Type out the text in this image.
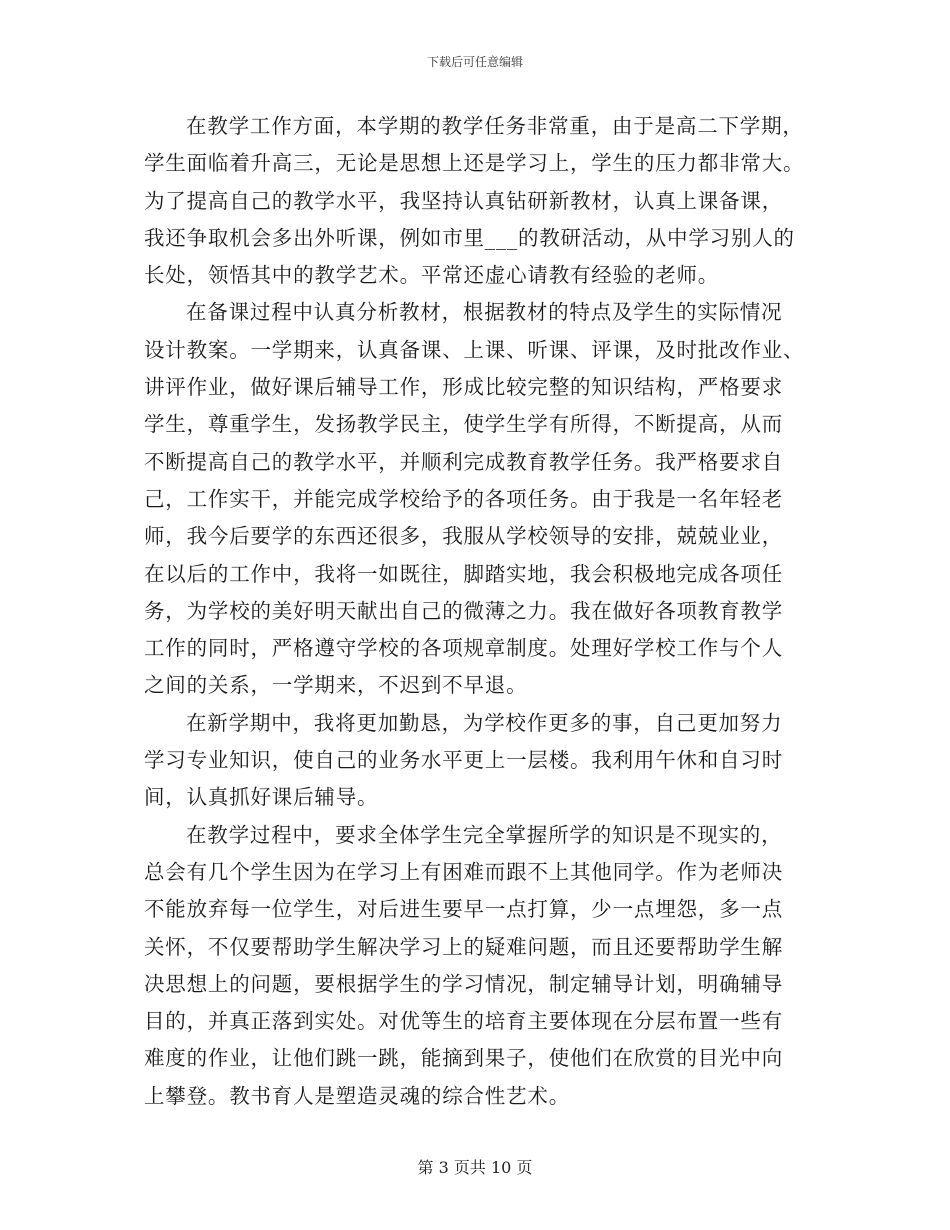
下载后可任意编辑
在教学工作方面，本学期的教学任务非常重，由于是高二下学期，
学生面临着升高三，无论是思想上还是学习上，学生的压力都非常大。
为了提高自己的教学水平，我坚持认真钻研新教材，认真上课备课，
我还争取机会多出外听课，例如市里___的教研活动，从中学习别人的
长处，领悟其中的教学艺术。平常还虚心请教有经验的老师。
在备课过程中认真分析教材，根据教材的特点及学生的实际情况
设计教案。一学期来，认真备课、上课、听课、评课，及时批改作业、
讲评作业，做好课后辅导工作，形成比较完整的知识结构，严格要求
学生，尊重学生，发扬教学民主，使学生学有所得，不断提高，从而
不断提高自己的教学水平，并顺利完成教育教学任务。我严格要求自
己，工作实干，并能完成学校给予的各项任务。由于我是一名年轻老
师，我今后要学的东西还很多，我服从学校领导的安排，兢兢业业，
在以后的工作中，我将一如既往，脚踏实地，我会积极地完成各项任
务，为学校的美好明天献出自己的微薄之力。我在做好各项教育教学
工作的同时，严格遵守学校的各项规章制度。处理好学校工作与个人
之间的关系，一学期来，不迟到不早退。
在新学期中，我将更加勤恳，为学校作更多的事，自己更加努力
学习专业知识，使自己的业务水平更上一层楼。我利用午休和自习时
间，认真抓好课后辅导。
在教学过程中，要求全体学生完全掌握所学的知识是不现实的，
总会有几个学生因为在学习上有困难而跟不上其他同学。作为老师决
不能放弃每一位学生，对后进生要早一点打算，少一点埋怨，多一点
关怀，不仅要帮助学生解决学习上的疑难问题，而且还要帮助学生解
决思想上的问题，要根据学生的学习情况，制定辅导计划，明确辅导
目的，并真正落到实处。对优等生的培育主要体现在分层布置一些有
难度的作业，让他们跳一跳，能摘到果子，使他们在欣赏的目光中向
上攀登。教书育人是塑造灵魂的综合性艺术。
第 3 页共 10 页
